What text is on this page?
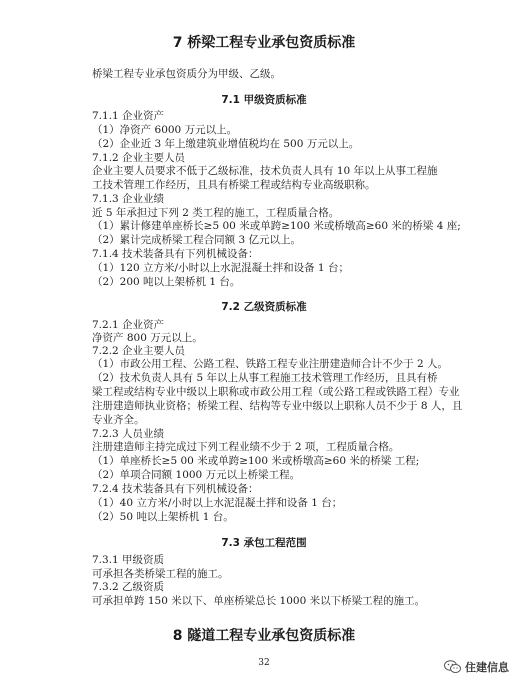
7 桥梁工程专业承包资质标准
桥梁工程专业承包资质分为甲级、乙级。
7.1 甲级资质标准
7.1.1 企业资产
（1）净资产 6000 万元以上。
（2）企业近 3 年上缴建筑业增值税均在 500 万元以上。
7.1.2 企业主要人员
企业主要人员要求不低于乙级标准，技术负责人具有 10 年以上从事工程施
工技术管理工作经历，且具有桥梁工程或结构专业高级职称。
7.1.3 企业业绩
近 5 年承担过下列 2 类工程的施工，工程质量合格。
（1）累计修建单座桥长≥5 00 米或单跨≥100 米或桥墩高≥60 米的桥梁 4 座;
（2）累计完成桥梁工程合同额 3 亿元以上。
7.1.4 技术装备具有下列机械设备：
（1）120 立方米/小时以上水泥混凝土拌和设备 1 台；
（2）200 吨以上架桥机 1 台。
7.2 乙级资质标准
7.2.1 企业资产
净资产 800 万元以上。
7.2.2 企业主要人员
（1）市政公用工程、公路工程、铁路工程专业注册建造师合计不少于 2 人。
（2）技术负责人具有 5 年以上从事工程施工技术管理工作经历，且具有桥
梁工程或结构专业中级以上职称或市政公用工程（或公路工程或铁路工程）专业
注册建造师执业资格；桥梁工程、结构等专业中级以上职称人员不少于 8 人，且
专业齐全。
7.2.3 人员业绩
注册建造师主持完成过下列工程业绩不少于 2 项，工程质量合格。
（1）单座桥长≥5 00 米或单跨≥100 米或桥墩高≥60 米的桥梁 工程;
（2）单项合同额 1000 万元以上桥梁工程。
7.2.4 技术装备具有下列机械设备：
（1）40 立方米/小时以上水泥混凝土拌和设备 1 台；
（2）50 吨以上架桥机 1 台。
7.3 承包工程范围
7.3.1 甲级资质
可承担各类桥梁工程的施工。
7.3.2 乙级资质
可承担单跨 150 米以下、单座桥梁总长 1000 米以下桥梁工程的施工。
8 隧道工程专业承包资质标准
32	住建信息
